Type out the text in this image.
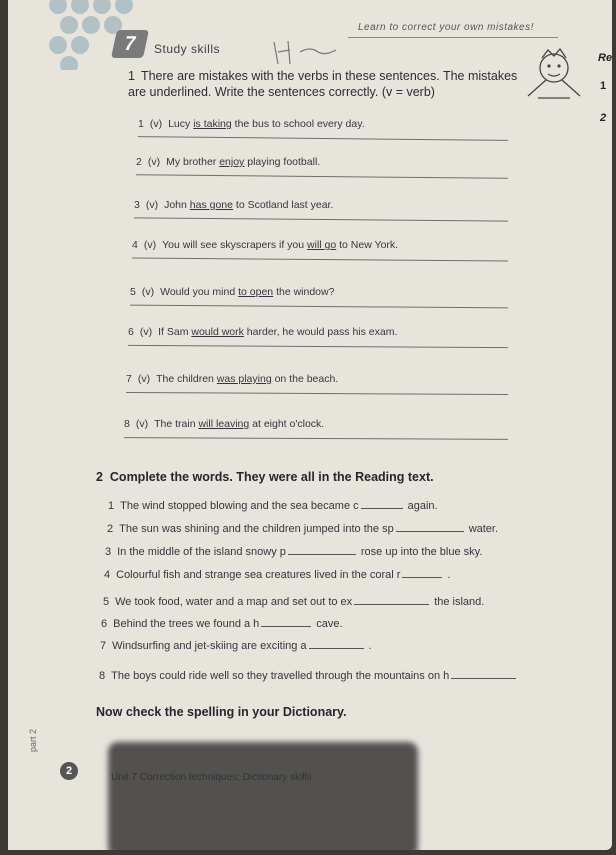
7	Study skills
Learn to correct your own mistakes!
Re
1
2
1 There are mistakes with the verbs in these sentences. The mistakes
are underlined. Write the sentences correctly. (v = verb)
1 (v) Lucy is taking the bus to school every day.
2 (v) My brother enjoy playing football.
3 (v) John has gone to Scotland last year.
4 (v) You will see skyscrapers if you will go to New York.
5 (v) Would you mind to open the window?
6 (v) If Sam would work harder, he would pass his exam.
7 (v) The children was playing on the beach.
8 (v) The train will leaving at eight o'clock.
2 Complete the words. They were all in the Reading text.
1 The wind stopped blowing and the sea became c	again.
2 The sun was shining and the children jumped into the sp	water.
3 In the middle of the island snowy p	rose up into the blue sky.
4 Colourful fish and strange sea creatures lived in the coral r	.
5 We took food, water and a map and set out to ex	the island.
6 Behind the trees we found a h	cave.
7 Windsurfing and jet-skiing are exciting a	.
8 The boys could ride well so they travelled through the mountains on h
Now check the spelling in your Dictionary.
part 2
2
Unit 7 Correction techniques; Dictionary skills
